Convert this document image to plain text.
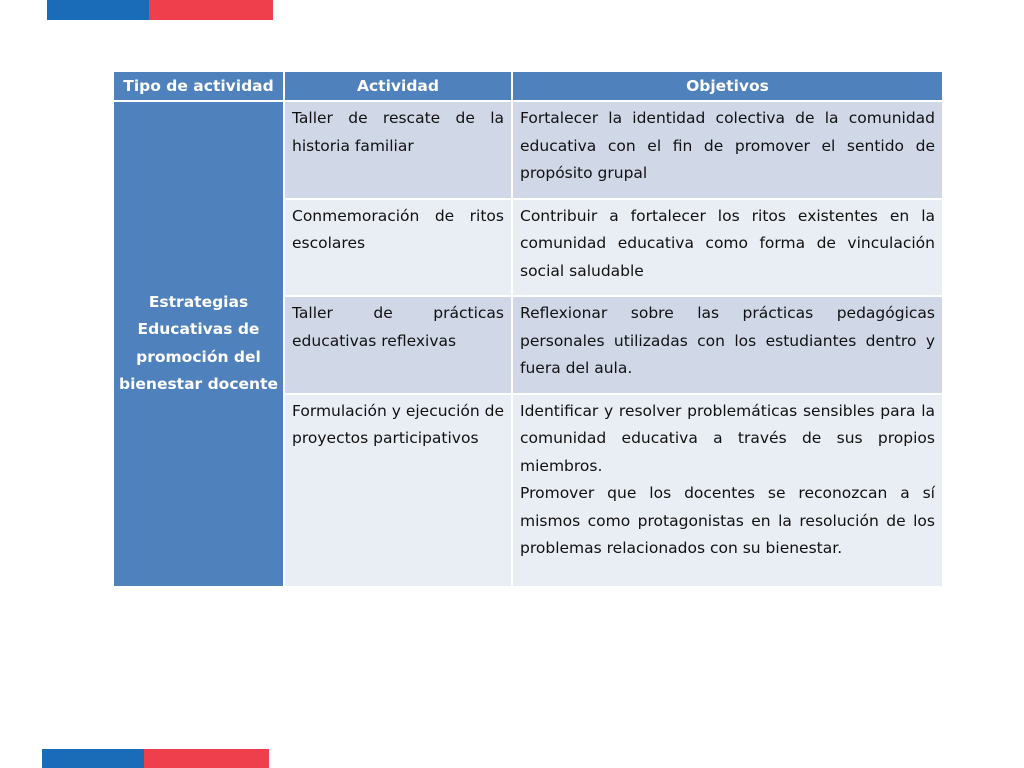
Tipo de actividad	Actividad	Objetivos
Estrategias Educativas de promoción del bienestar docente	Taller de rescate de la historia familiar	Fortalecer la identidad colectiva de la comunidad educativa con el fin de promover el sentido de propósito grupal

	Conmemoración de ritos escolares	Contribuir a fortalecer los ritos existentes en la comunidad educativa como forma de vinculación social saludable

	Taller de prácticas educativas reflexivas	Reflexionar sobre las prácticas pedagógicas personales utilizadas con los estudiantes dentro y fuera del aula.

	Formulación y ejecución de proyectos participativos	Identificar y resolver problemáticas sensibles para la comunidad educativa a través de sus propios miembros.
Promover que los docentes se reconozcan a sí mismos como protagonistas en la resolución de los problemas relacionados con su bienestar.
